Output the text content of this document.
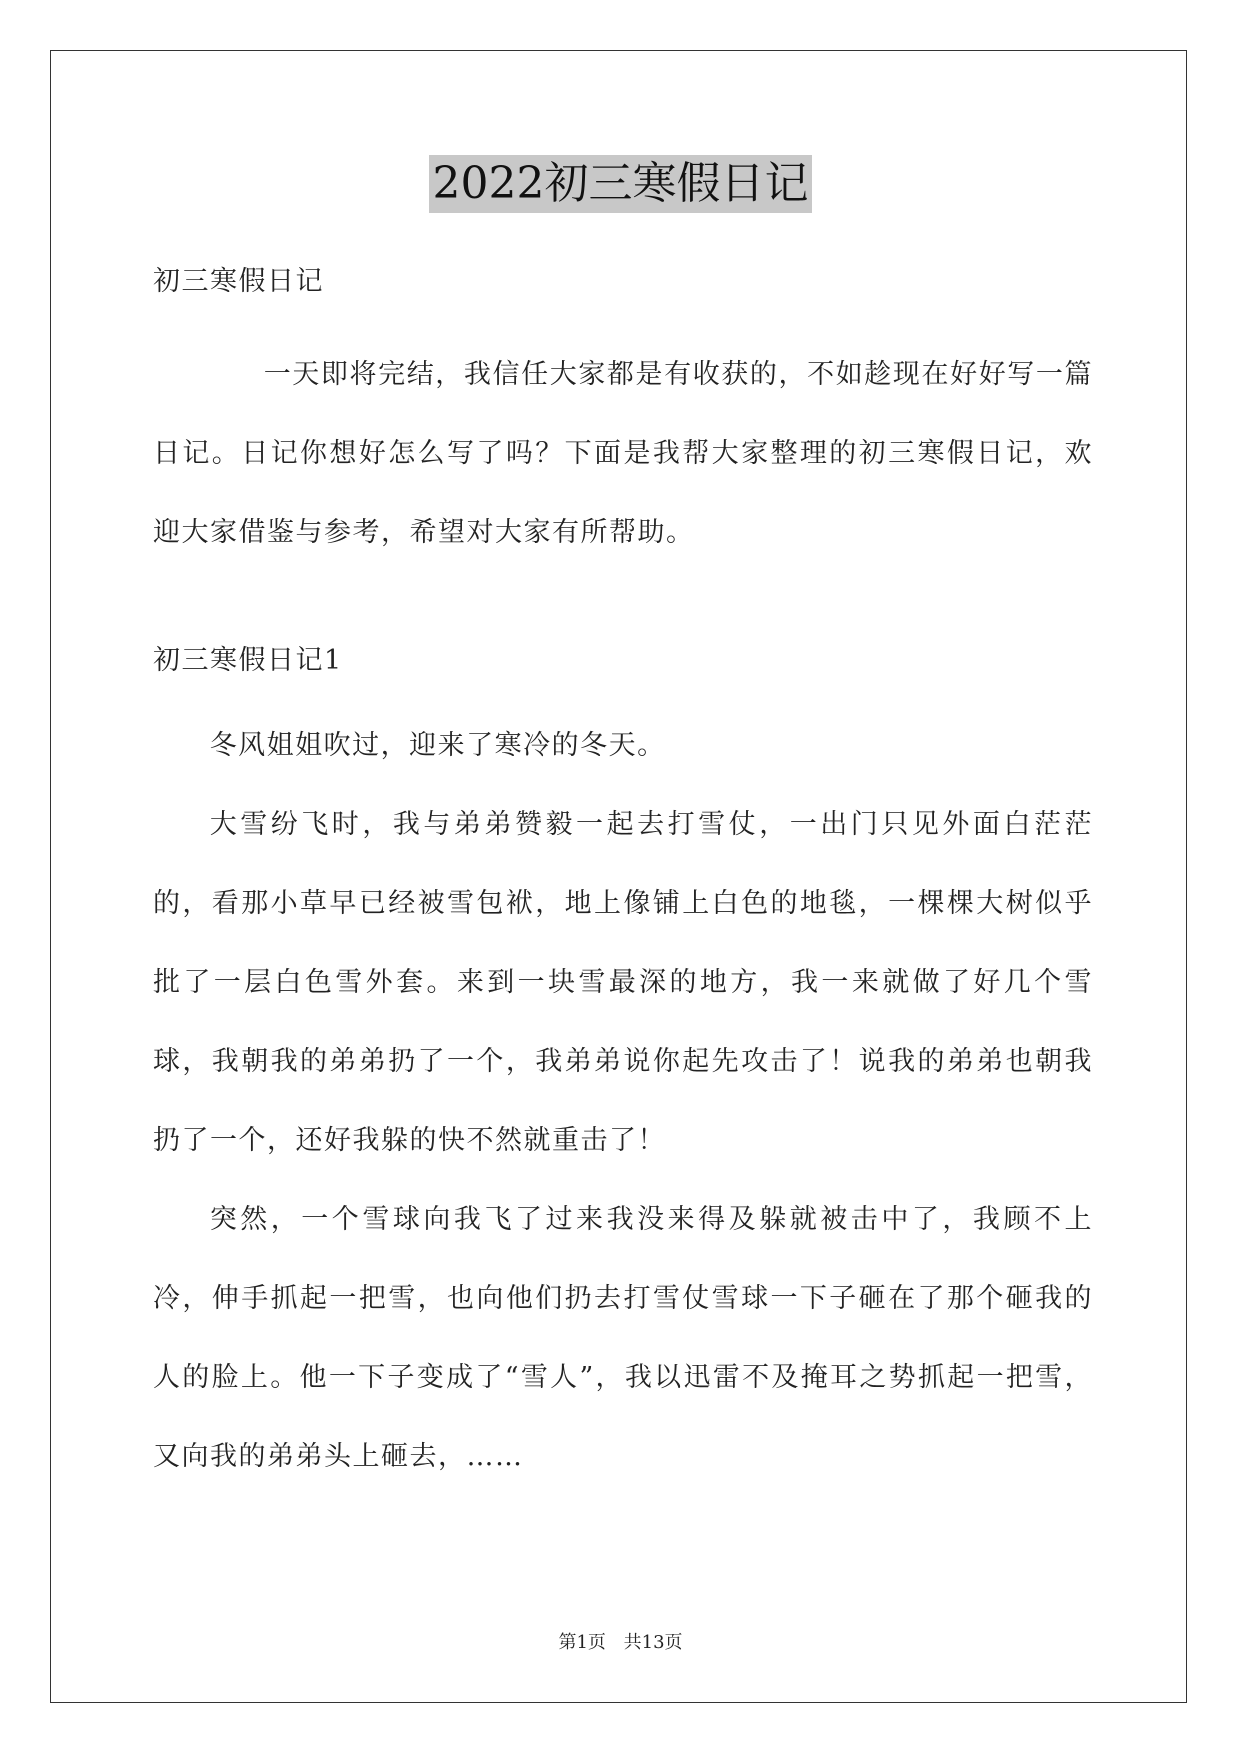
2022初三寒假日记

初三寒假日记

一天即将完结，我信任大家都是有收获的，不如趁现在好好写一篇日记。日记你想好怎么写了吗？下面是我帮大家整理的初三寒假日记，欢迎大家借鉴与参考，希望对大家有所帮助。

初三寒假日记1

冬风姐姐吹过，迎来了寒冷的冬天。

大雪纷飞时，我与弟弟赞毅一起去打雪仗，一出门只见外面白茫茫的，看那小草早已经被雪包袱，地上像铺上白色的地毯，一棵棵大树似乎批了一层白色雪外套。来到一块雪最深的地方，我一来就做了好几个雪球，我朝我的弟弟扔了一个，我弟弟说你起先攻击了！说我的弟弟也朝我扔了一个，还好我躲的快不然就重击了！

突然，一个雪球向我飞了过来我没来得及躲就被击中了，我顾不上冷，伸手抓起一把雪，也向他们扔去打雪仗雪球一下子砸在了那个砸我的人的脸上。他一下子变成了“雪人”，我以迅雷不及掩耳之势抓起一把雪，又向我的弟弟头上砸去，……

第1页 共13页
